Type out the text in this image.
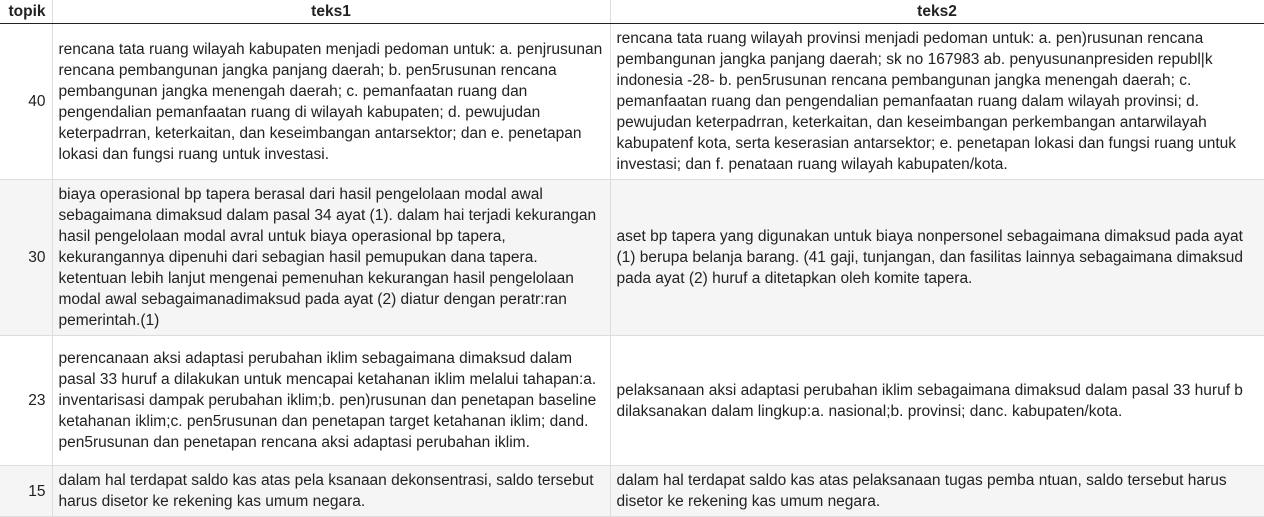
topik	teks1	teks2
40	rencana tata ruang wilayah kabupaten menjadi pedoman untuk: a. penjrusunan rencana pembangunan jangka panjang daerah; b. pen5rusunan rencana pembangunan jangka menengah daerah; c. pemanfaatan ruang dan pengendalian pemanfaatan ruang di wilayah kabupaten; d. pewujudan keterpadrran, keterkaitan, dan keseimbangan antarsektor; dan e. penetapan lokasi dan fungsi ruang untuk investasi.	rencana tata ruang wilayah provinsi menjadi pedoman untuk: a. pen)rusunan rencana pembangunan jangka panjang daerah; sk no 167983 ab. penyusunanpresiden republ|k indonesia -28- b. pen5rusunan rencana pembangunan jangka menengah daerah; c. pemanfaatan ruang dan pengendalian pemanfaatan ruang dalam wilayah provinsi; d. pewujudan keterpadrran, keterkaitan, dan keseimbangan perkembangan antarwilayah kabupatenf kota, serta keserasian antarsektor; e. penetapan lokasi dan fungsi ruang untuk investasi; dan f. penataan ruang wilayah kabupaten/kota.
30	biaya operasional bp tapera berasal dari hasil pengelolaan modal awal sebagaimana dimaksud dalam pasal 34 ayat (1). dalam hai terjadi kekurangan hasil pengelolaan modal avral untuk biaya operasional bp tapera, kekurangannya dipenuhi dari sebagian hasil pemupukan dana tapera. ketentuan lebih lanjut mengenai pemenuhan kekurangan hasil pengelolaan modal awal sebagaimanadimaksud pada ayat (2) diatur dengan peratr:ran pemerintah.(1)	aset bp tapera yang digunakan untuk biaya nonpersonel sebagaimana dimaksud pada ayat (1) berupa belanja barang. (41 gaji, tunjangan, dan fasilitas lainnya sebagaimana dimaksud pada ayat (2) huruf a ditetapkan oleh komite tapera.
23	perencanaan aksi adaptasi perubahan iklim sebagaimana dimaksud dalam pasal 33 huruf a dilakukan untuk mencapai ketahanan iklim melalui tahapan:a. inventarisasi dampak perubahan iklim;b. pen)rusunan dan penetapan baseline ketahanan iklim;c. pen5rusunan dan penetapan target ketahanan iklim; dand. pen5rusunan dan penetapan rencana aksi adaptasi perubahan iklim.	pelaksanaan aksi adaptasi perubahan iklim sebagaimana dimaksud dalam pasal 33 huruf b dilaksanakan dalam lingkup:a. nasional;b. provinsi; danc. kabupaten/kota.
15	dalam hal terdapat saldo kas atas pela ksanaan dekonsentrasi, saldo tersebut harus disetor ke rekening kas umum negara.	dalam hal terdapat saldo kas atas pelaksanaan tugas pemba ntuan, saldo tersebut harus disetor ke rekening kas umum negara.
